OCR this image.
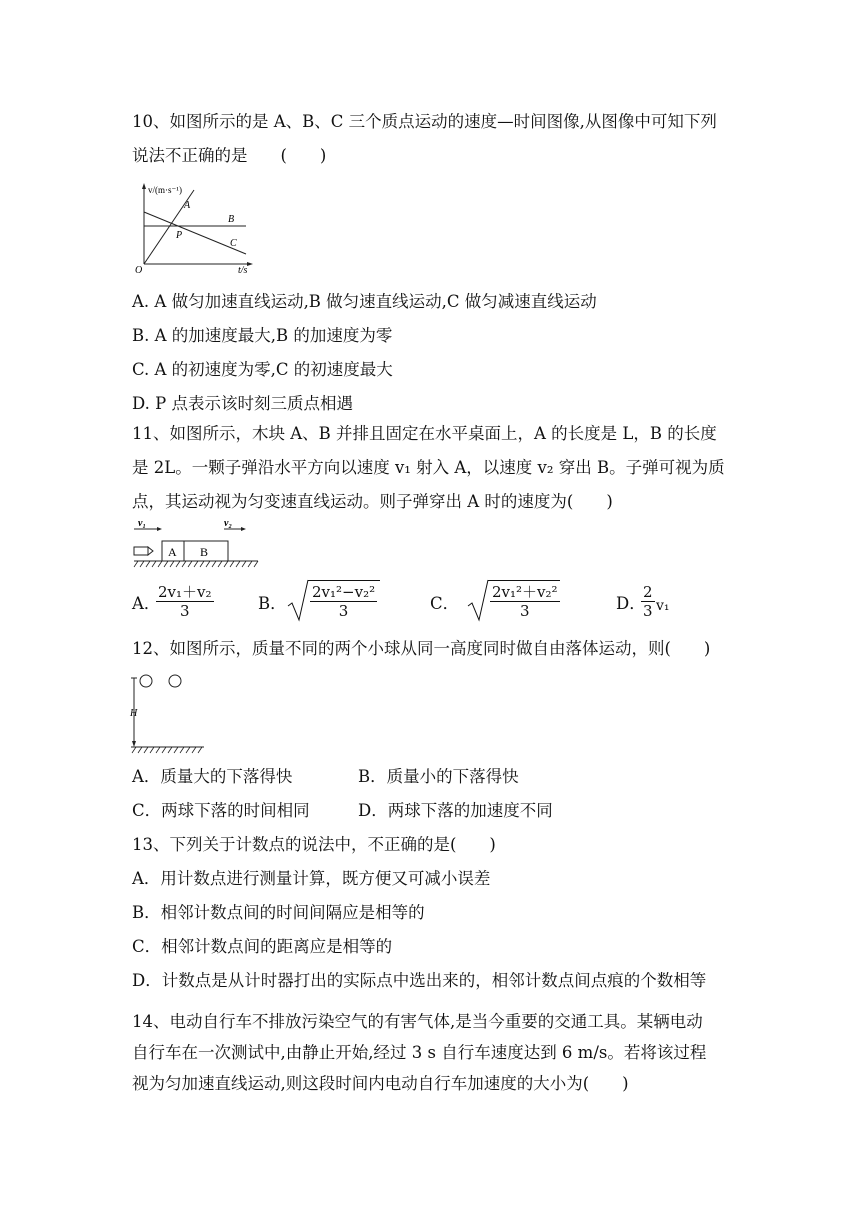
10、如图所示的是 A、B、C 三个质点运动的速度—时间图像,从图像中可知下列
说法不正确的是　　(　　)
v/(m·s⁻¹)
t/s
O
P
A
B
C
A. A 做匀加速直线运动,B 做匀速直线运动,C 做匀减速直线运动
B. A 的加速度最大,B 的加速度为零
C. A 的初速度为零,C 的初速度最大
D. P 点表示该时刻三质点相遇
11、如图所示，木块 A、B 并排且固定在水平桌面上，A 的长度是 L，B 的长度
是 2L。一颗子弹沿水平方向以速度 v₁ 射入 A，以速度 v₂ 穿出 B。子弹可视为质
点，其运动视为匀变速直线运动。则子弹穿出 A 时的速度为(　　)
v₁	v₂
A B
A．
$\frac{\text{2v₁＋v₂}}{3}$	B． $\frac{\text{2v₁²−v₂²}}{3}$	C． $\frac{\text{2v₁²＋v₂²}}{3}$	D．
$\frac{2}{3} v_1$
12、如图所示，质量不同的两个小球从同一高度同时做自由落体运动，则(　　)
H
A．质量大的下落得快	B．质量小的下落得快
C．两球下落的时间相同	D．两球下落的加速度不同
13、下列关于计数点的说法中，不正确的是(　　)
A．用计数点进行测量计算，既方便又可减小误差
B．相邻计数点间的时间间隔应是相等的
C．相邻计数点间的距离应是相等的
D．计数点是从计时器打出的实际点中选出来的，相邻计数点间点痕的个数相等
14、电动自行车不排放污染空气的有害气体,是当今重要的交通工具。某辆电动
自行车在一次测试中,由静止开始,经过 3 s 自行车速度达到 6 m/s。若将该过程
视为匀加速直线运动,则这段时间内电动自行车加速度的大小为(　　)
